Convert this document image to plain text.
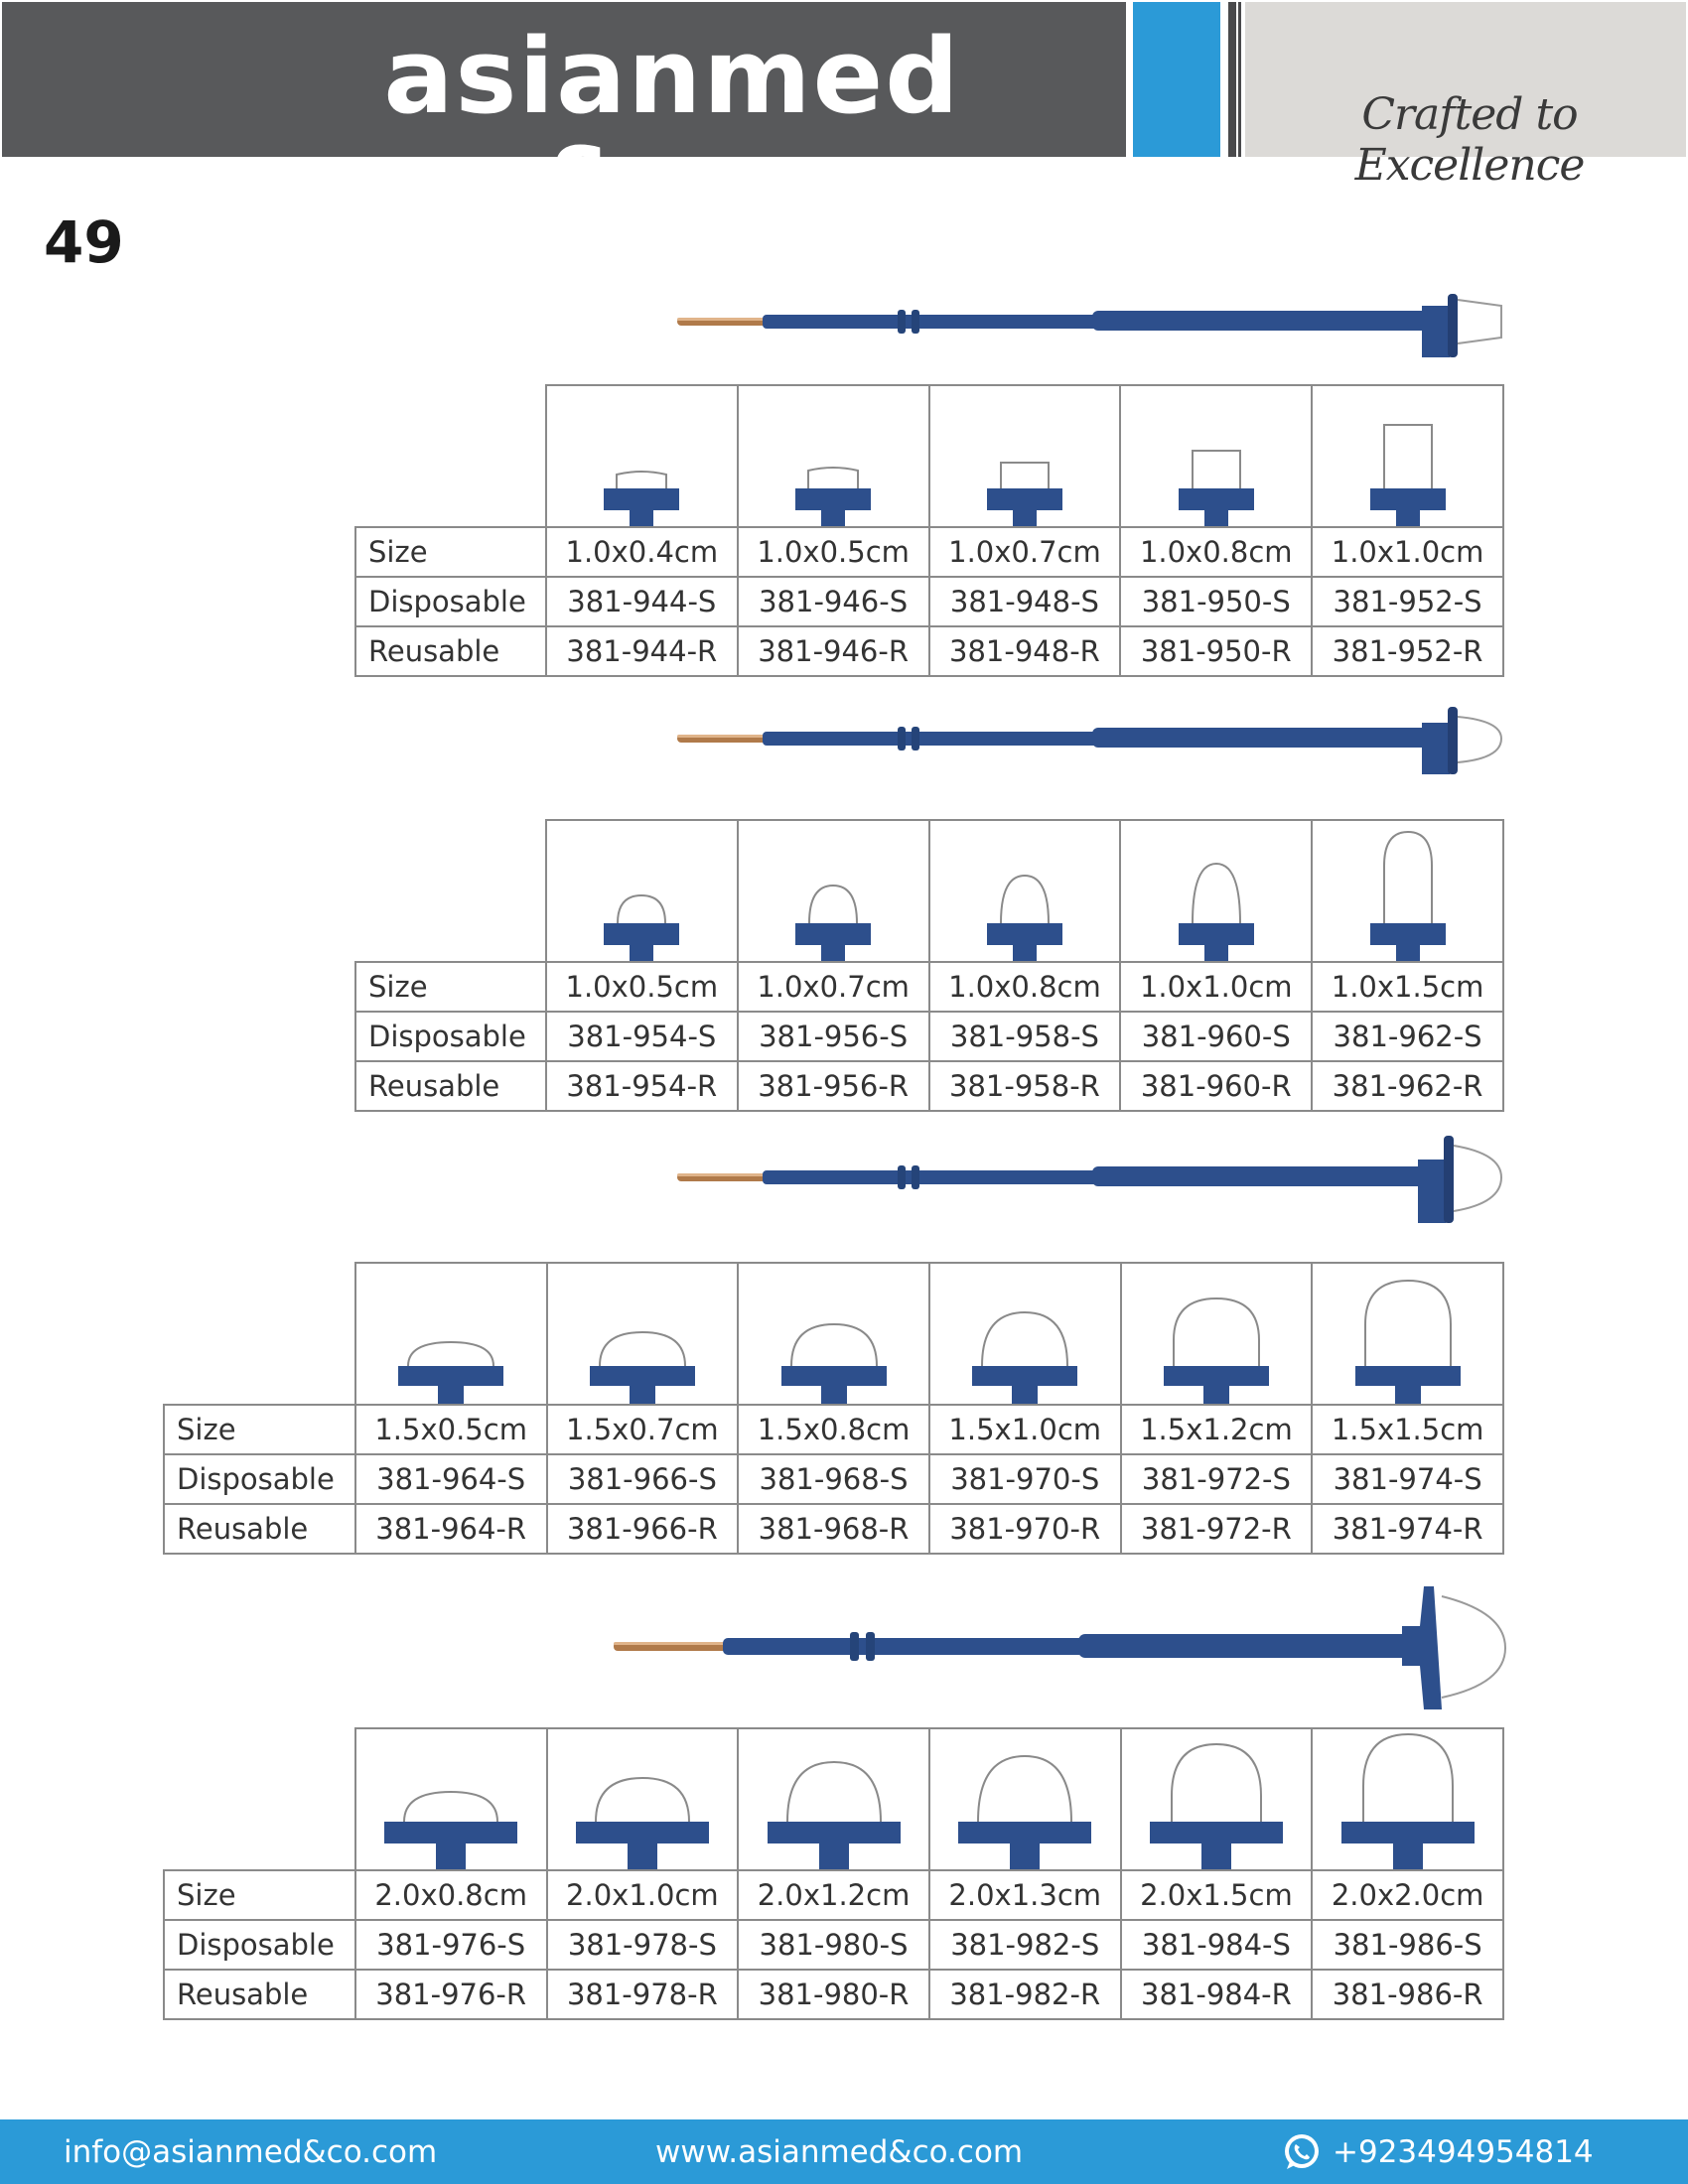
asianmed & co
Crafted to Excellence
49

Size	1.0x0.4cm	1.0x0.5cm	1.0x0.7cm	1.0x0.8cm	1.0x1.0cm
Disposable	381-944-S	381-946-S	381-948-S	381-950-S	381-952-S
Reusable	381-944-R	381-946-R	381-948-R	381-950-R	381-952-R

Size	1.0x0.5cm	1.0x0.7cm	1.0x0.8cm	1.0x1.0cm	1.0x1.5cm
Disposable	381-954-S	381-956-S	381-958-S	381-960-S	381-962-S
Reusable	381-954-R	381-956-R	381-958-R	381-960-R	381-962-R

Size	1.5x0.5cm	1.5x0.7cm	1.5x0.8cm	1.5x1.0cm	1.5x1.2cm	1.5x1.5cm
Disposable	381-964-S	381-966-S	381-968-S	381-970-S	381-972-S	381-974-S
Reusable	381-964-R	381-966-R	381-968-R	381-970-R	381-972-R	381-974-R

Size	2.0x0.8cm	2.0x1.0cm	2.0x1.2cm	2.0x1.3cm	2.0x1.5cm	2.0x2.0cm
Disposable	381-976-S	381-978-S	381-980-S	381-982-S	381-984-S	381-986-S
Reusable	381-976-R	381-978-R	381-980-R	381-982-R	381-984-R	381-986-R
info@asianmed&co.com	www.asianmed&co.com	+923494954814
